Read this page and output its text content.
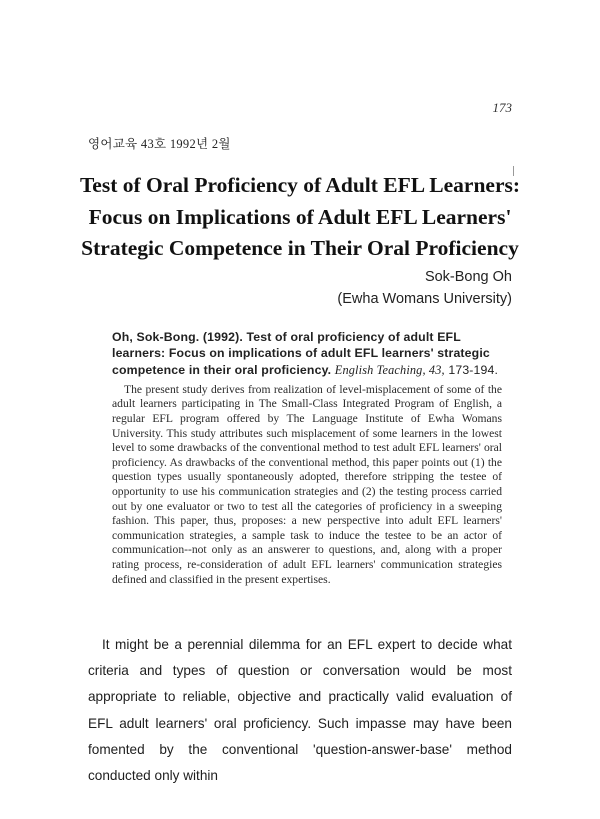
173
영어교육 43호 1992년 2월
Test of Oral Proficiency of Adult EFL Learners:
Focus on Implications of Adult EFL Learners'
Strategic Competence in Their Oral Proficiency
Sok-Bong Oh
(Ewha Womans University)

Oh, Sok-Bong. (1992). Test of oral proficiency of adult EFL learners: Focus on implications of adult EFL learners' strategic competence in their oral proficiency. English Teaching, 43, 173-194.

The present study derives from realization of level-misplacement of some of the adult learners participating in The Small-Class Integrated Program of English, a regular EFL program offered by The Language Institute of Ewha Womans University. This study attributes such misplacement of some learners in the lowest level to some drawbacks of the conventional method to test adult EFL learners' oral proficiency. As drawbacks of the conventional method, this paper points out (1) the question types usually spontaneously adopted, therefore stripping the testee of opportunity to use his communication strategies and (2) the testing process carried out by one evaluator or two to test all the categories of proficiency in a sweeping fashion. This paper, thus, proposes: a new perspective into adult EFL learners' communication strategies, a sample task to induce the testee to be an actor of communication--not only as an answerer to questions, and, along with a proper rating process, re-consideration of adult EFL learners' communication strategies defined and classified in the present expertises.

It might be a perennial dilemma for an EFL expert to decide what criteria and types of question or conversation would be most appropriate to reliable, objective and practically valid evaluation of EFL adult learners' oral proficiency. Such impasse may have been fomented by the conventional 'question-answer-base' method conducted only within
